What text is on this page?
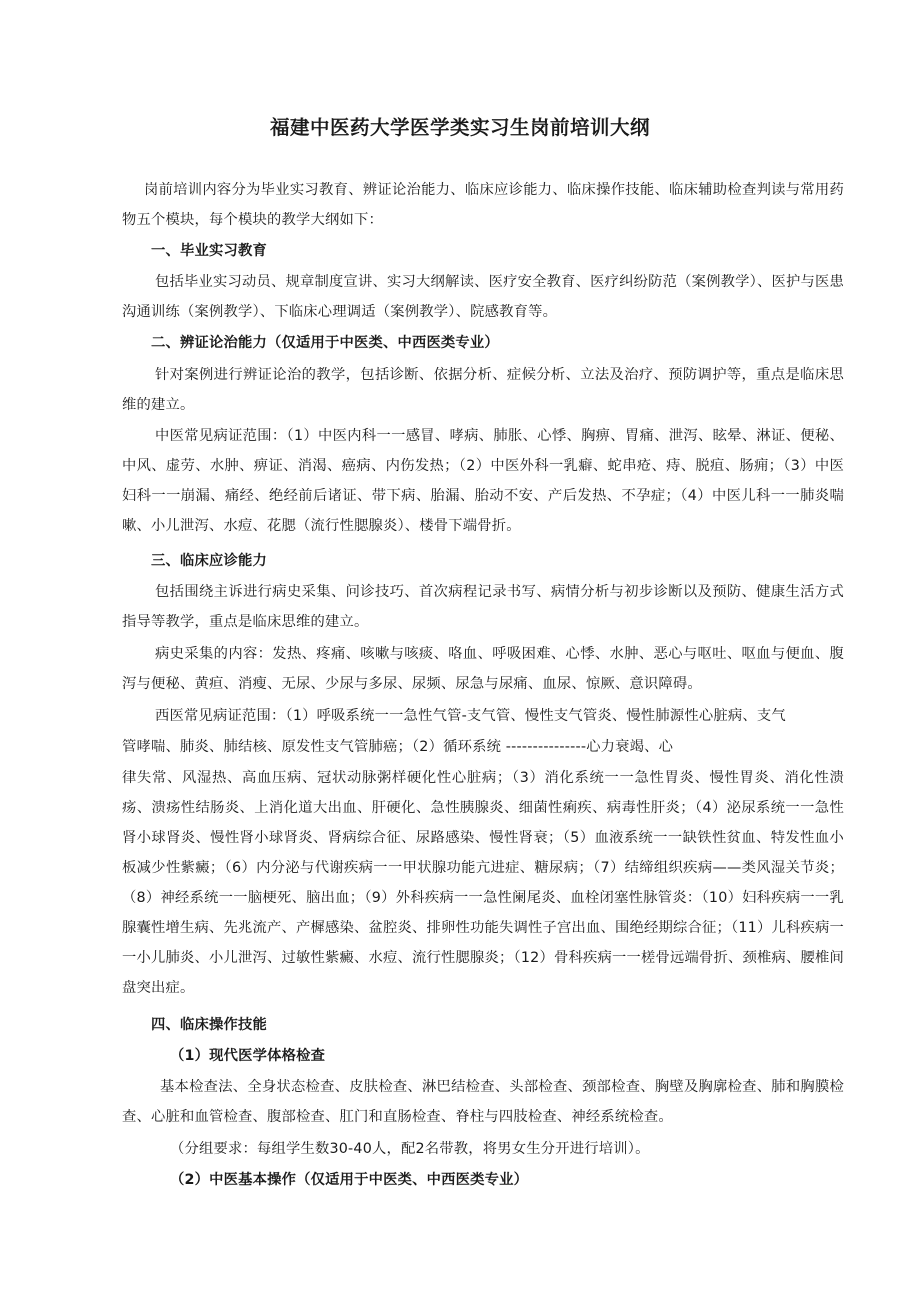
福建中医药大学医学类实习生岗前培训大纲
岗前培训内容分为毕业实习教育、辨证论治能力、临床应诊能力、临床操作技能、临床辅助检查判读与常用药物五个模块，每个模块的教学大纲如下：
一、毕业实习教育
包括毕业实习动员、规章制度宣讲、实习大纲解读、医疗安全教育、医疗纠纷防范（案例教学）、医护与医患沟通训练（案例教学）、下临床心理调适（案例教学）、院感教育等。
二、辨证论治能力（仅适用于中医类、中西医类专业）
针对案例进行辨证论治的教学，包括诊断、依据分析、症候分析、立法及治疗、预防调护等，重点是临床思维的建立。
中医常见病证范围：（1）中医内科一一感冒、哮病、肺胀、心悸、胸痹、胃痛、泄泻、眩晕、淋证、便秘、中风、虚劳、水肿、痹证、消渴、癌病、内伤发热；（2）中医外科一乳癖、蛇串疮、痔、脱疽、肠痈；（3）中医妇科一一崩漏、痛经、绝经前后诸证、带下病、胎漏、胎动不安、产后发热、不孕症；（4）中医儿科一一肺炎喘嗽、小儿泄泻、水痘、花腮（流行性腮腺炎）、楼骨下端骨折。
三、临床应诊能力
包括围绕主诉进行病史采集、问诊技巧、首次病程记录书写、病情分析与初步诊断以及预防、健康生活方式指导等教学，重点是临床思维的建立。
病史采集的内容：发热、疼痛、咳嗽与咳痰、咯血、呼吸困难、心悸、水肿、恶心与呕吐、呕血与便血、腹泻与便秘、黄疸、消瘦、无尿、少尿与多尿、尿频、尿急与尿痛、血尿、惊厥、意识障碍。
西医常见病证范围：（1）呼吸系统一一急性气管-支气管、慢性支气管炎、慢性肺源性心脏病、支气
管哮喘、肺炎、肺结核、原发性支气管肺癌；（2）循环系统 ---------------心力衰竭、心
律失常、风湿热、高血压病、冠状动脉粥样硬化性心脏病；（3）消化系统一一急性胃炎、慢性胃炎、消化性溃疡、溃疡性结肠炎、上消化道大出血、肝硬化、急性胰腺炎、细菌性痢疾、病毒性肝炎；（4）泌尿系统一一急性肾小球肾炎、慢性肾小球肾炎、肾病综合征、尿路感染、慢性肾衰；（5）血液系统一一缺铁性贫血、特发性血小板减少性紫癜；（6）内分泌与代谢疾病一一甲状腺功能亢进症、糖尿病；（7）结缔组织疾病——类风湿关节炎；（8）神经系统一一脑梗死、脑出血；（9）外科疾病一一急性阑尾炎、血栓闭塞性脉管炎：（10）妇科疾病一一乳腺囊性增生病、先兆流产、产樨感染、盆腔炎、排卵性功能失调性子宫出血、围绝经期综合征；（11）儿科疾病一一小儿肺炎、小儿泄泻、过敏性紫癜、水痘、流行性腮腺炎；（12）骨科疾病一一槎骨远端骨折、颈椎病、腰椎间盘突出症。
四、临床操作技能
（1）现代医学体格检查
基本检查法、全身状态检查、皮肤检查、淋巴结检查、头部检查、颈部检查、胸壁及胸廓检查、肺和胸膜检查、心脏和血管检查、腹部检查、肛门和直肠检查、脊柱与四肢检查、神经系统检查。
（分组要求：每组学生数30-40人，配2名带教，将男女生分开进行培训）。
（2）中医基本操作（仅适用于中医类、中西医类专业）
